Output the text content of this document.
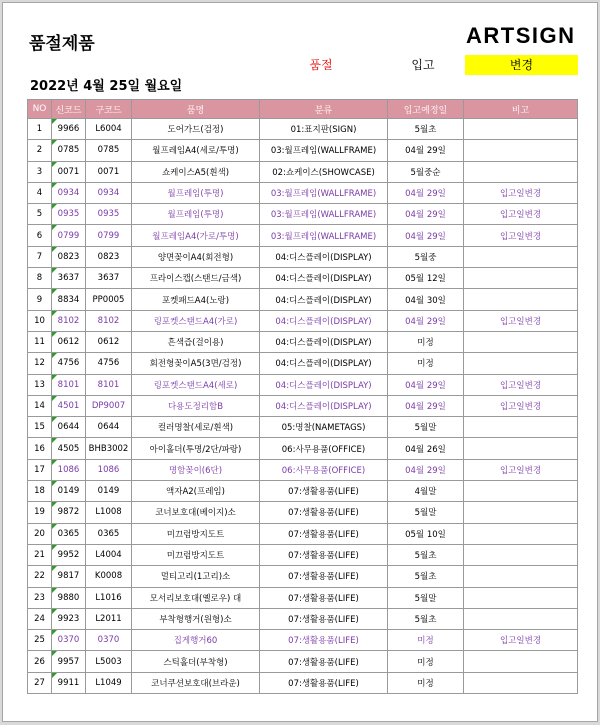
품절제품	ARTSIGN
품절	입고	변경
2022년 4월 25일 월요일
NO	신코드	구코드	품명	분류	입고예정일	비고
1	9966	L6004	도어가드(검정)	01:표지판(SIGN)	5월초	
2	0785	0785	월프레임A4(세로/투명)	03:월프레임(WALLFRAME)	04월 29일	
3	0071	0071	쇼케이스A5(흰색)	02:쇼케이스(SHOWCASE)	5월중순	
4	0934	0934	월프레임(투명)	03:월프레임(WALLFRAME)	04월 29일	입고일변경
5	0935	0935	월프레임(투명)	03:월프레임(WALLFRAME)	04월 29일	입고일변경
6	0799	0799	월프레임A4(가로/투명)	03:월프레임(WALLFRAME)	04월 29일	입고일변경
7	0823	0823	양면꽂이A4(회전형)	04:디스플레이(DISPLAY)	5월중	
8	3637	3637	프라이스캡(스탠드/금색)	04:디스플레이(DISPLAY)	05월 12일	
9	8834	PP0005	포켓패드A4(노랑)	04:디스플레이(DISPLAY)	04월 30일	
10	8102	8102	링포켓스탠드A4(가로)	04:디스플레이(DISPLAY)	04월 29일	입고일변경
11	0612	0612	흔색즙(걸이용)	04:디스플레이(DISPLAY)	미정	
12	4756	4756	회전형꽂이A5(3면/검정)	04:디스플레이(DISPLAY)	미정	
13	8101	8101	링포켓스탠드A4(세로)	04:디스플레이(DISPLAY)	04월 29일	입고일변경
14	4501	DP9007	다용도정리함B	04:디스플레이(DISPLAY)	04월 29일	입고일변경
15	0644	0644	컬러명찰(세로/흰색)	05:명찰(NAMETAGS)	5월말	
16	4505	BHB3002	아이홀더(투명/2단/파랑)	06:사무용품(OFFICE)	04월 26일	
17	1086	1086	명함꽂이(6단)	06:사무용품(OFFICE)	04월 29일	입고일변경
18	0149	0149	액자A2(프레임)	07:생활용품(LIFE)	4월말	
19	9872	L1008	코너보호대(베이지)소	07:생활용품(LIFE)	5월말	
20	0365	0365	미끄럼방지도트	07:생활용품(LIFE)	05월 10일	
21	9952	L4004	미끄럼방지도트	07:생활용품(LIFE)	5월초	
22	9817	K0008	멀티고리(1고리)소	07:생활용품(LIFE)	5월초	
23	9880	L1016	모서리보호대(옐로우) 대	07:생활용품(LIFE)	5월말	
24	9923	L2011	부착형행거(원형)소	07:생활용품(LIFE)	5월초	
25	0370	0370	집게행거60	07:생활용품(LIFE)	미정	입고일변경
26	9957	L5003	스틱홀더(부착형)	07:생활용품(LIFE)	미정	
27	9911	L1049	코너쿠션보호대(브라운)	07:생활용품(LIFE)	미정	
